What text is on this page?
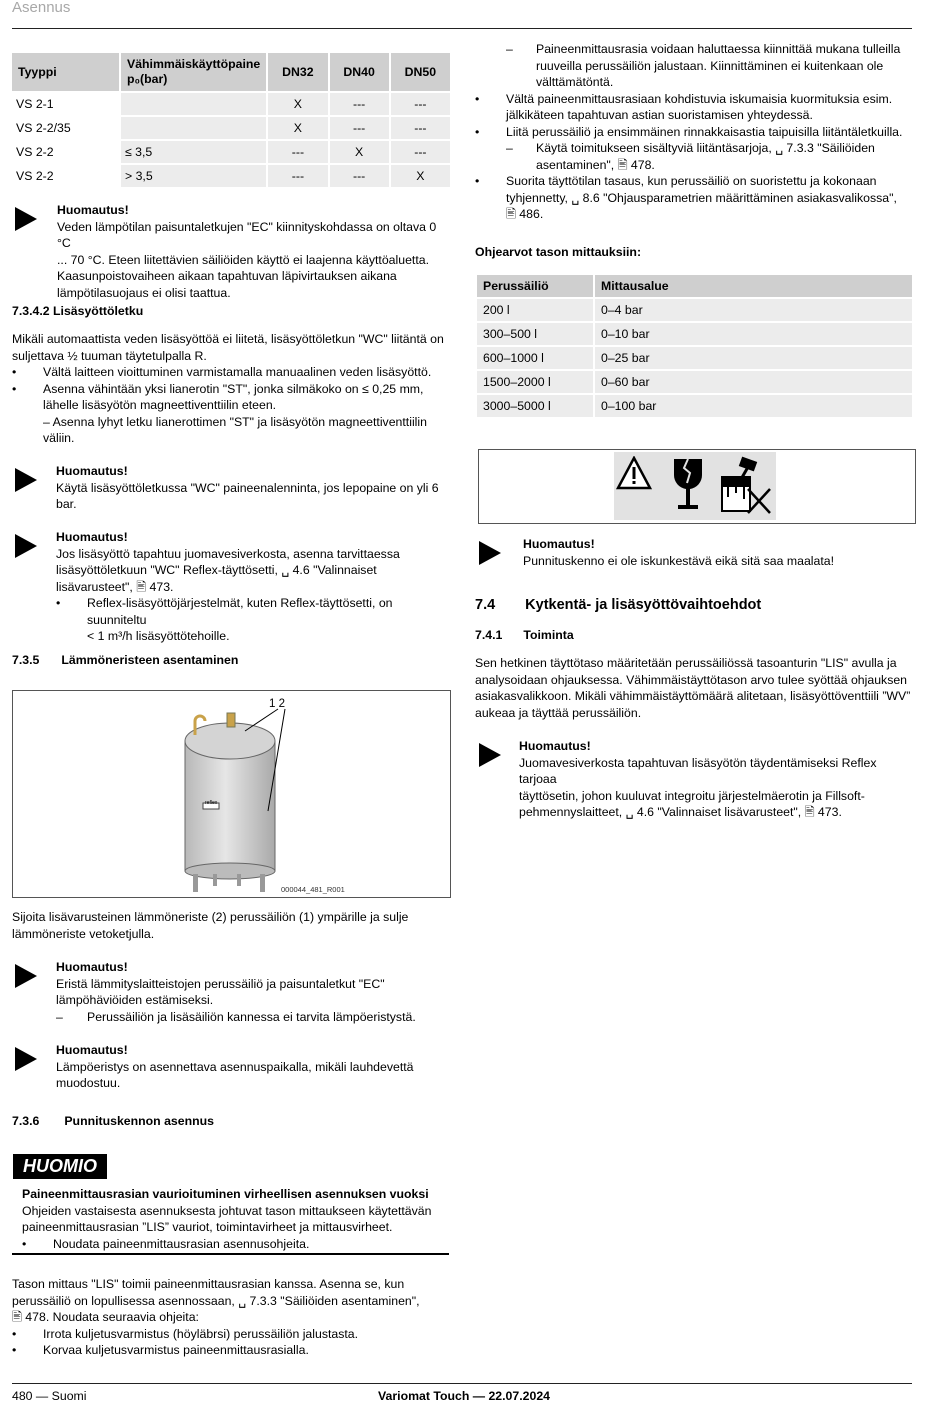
Asennus
480 — Suomi	Variomat Touch — 22.07.2024
Tyyppi	Vähimmäiskäyttöpaine p₀(bar)	DN32	DN40	DN50
VS 2-1		X	---	---
VS 2-2/35		X	---	---
VS 2-2	≤ 3,5	---	X	---
VS 2-2	> 3,5	---	---	X
Huomautus!
Veden lämpötilan paisuntaletkujen "EC" kiinnityskohdassa on oltava 0 °C
... 70 °C. Eteen liitettävien säiliöiden käyttö ei laajenna käyttöaluetta.
Kaasunpoistovaiheen aikaan tapahtuvan läpivirtauksen aikana
lämpötilasuojaus ei olisi taattua.
7.3.4.2 Lisäsyöttöletku
Mikäli automaattista veden lisäsyöttöä ei liitetä, lisäsyöttöletkun "WC" liitäntä on
suljettava ½ tuuman täytetulpalla R.
• Vältä laitteen vioittuminen varmistamalla manuaalinen veden lisäsyöttö.
• Asenna vähintään yksi lianerotin "ST", jonka silmäkoko on ≤ 0,25 mm,
lähelle lisäsyötön magneettiventtiilin eteen.
– Asenna lyhyt letku lianerottimen "ST" ja lisäsyötön magneettiventtiilin väliin.
Huomautus!
Käytä lisäsyöttöletkussa "WC" paineenalenninta, jos lepopaine on yli 6
bar.
Huomautus!
Jos lisäsyöttö tapahtuu juomavesiverkosta, asenna tarvittaessa
lisäsyöttöletkuun "WC" Reflex-täyttösetti, ␣ 4.6 "Valinnaiset
lisävarusteet", 🖹 473.
• Reflex-lisäsyöttöjärjestelmät, kuten Reflex-täyttösetti, on suunniteltu
< 1 m³/h lisäsyöttötehoille.
7.3.5 Lämmöneristeen asentaminen
1 2
reflex
000044_481_R001
Sijoita lisävarusteinen lämmöneriste (2) perussäiliön (1) ympärille ja sulje
lämmöneriste vetoketjulla.
Huomautus!
Eristä lämmityslaitteistojen perussäiliö ja paisuntaletkut "EC"
lämpöhäviöiden estämiseksi.
– Perussäiliön ja lisäsäiliön kannessa ei tarvita lämpöeristystä.
Huomautus!
Lämpöeristys on asennettava asennuspaikalla, mikäli lauhdevettä
muodostuu.
7.3.6 Punnituskennon asennus
HUOMIO
Paineenmittausrasian vaurioituminen virheellisen asennuksen vuoksi
Ohjeiden vastaisesta asennuksesta johtuvat tason mittaukseen käytettävän
paineenmittausrasian ”LIS” vauriot, toimintavirheet ja mittausvirheet.
• Noudata paineenmittausrasian asennusohjeita.
Tason mittaus "LIS" toimii paineenmittausrasian kanssa. Asenna se, kun
perussäiliö on lopullisessa asennossaan, ␣ 7.3.3 "Säiliöiden asentaminen",
🖹 478. Noudata seuraavia ohjeita:
• Irrota kuljetusvarmistus (höyläbrsi) perussäiliön jalustasta.
• Korvaa kuljetusvarmistus paineenmittausrasialla.
– Paineenmittausrasia voidaan haluttaessa kiinnittää mukana tulleilla
ruuveilla perussäiliön jalustaan. Kiinnittäminen ei kuitenkaan ole
välttämätöntä.
• Vältä paineenmittausrasiaan kohdistuvia iskumaisia kuormituksia esim.
jälkikäteen tapahtuvan astian suoristamisen yhteydessä.
• Liitä perussäiliö ja ensimmäinen rinnakkaisastia taipuisilla liitäntäletkuilla.
– Käytä toimitukseen sisältyviä liitäntäsarjoja, ␣ 7.3.3 "Säiliöiden
asentaminen", 🖹 478.
• Suorita täyttötilan tasaus, kun perussäiliö on suoristettu ja kokonaan
tyhjennetty, ␣ 8.6 "Ohjausparametrien määrittäminen asiakasvalikossa",
🖹 486.
Ohjearvot tason mittauksiin:
Perussäiliö	Mittausalue
200 l	0–4 bar
300–500 l	0–10 bar
600–1000 l	0–25 bar
1500–2000 l	0–60 bar
3000–5000 l	0–100 bar
Huomautus!
Punnituskenno ei ole iskunkestävä eikä sitä saa maalata!
7.4 Kytkentä- ja lisäsyöttövaihtoehdot
7.4.1 Toiminta
Sen hetkinen täyttötaso määritetään perussäiliössä tasoanturin "LIS" avulla ja
analysoidaan ohjauksessa. Vähimmäistäyttötason arvo tulee syöttää ohjauksen
asiakasvalikkoon. Mikäli vähimmäistäyttömäärä alitetaan, lisäsyöttöventtiili ”WV”
aukeaa ja täyttää perussäiliön.
Huomautus!
Juomavesiverkosta tapahtuvan lisäsyötön täydentämiseksi Reflex tarjoaa
täyttösetin, johon kuuluvat integroitu järjestelmäerotin ja Fillsoft-
pehmennyslaitteet, ␣ 4.6 "Valinnaiset lisävarusteet", 🖹 473.
